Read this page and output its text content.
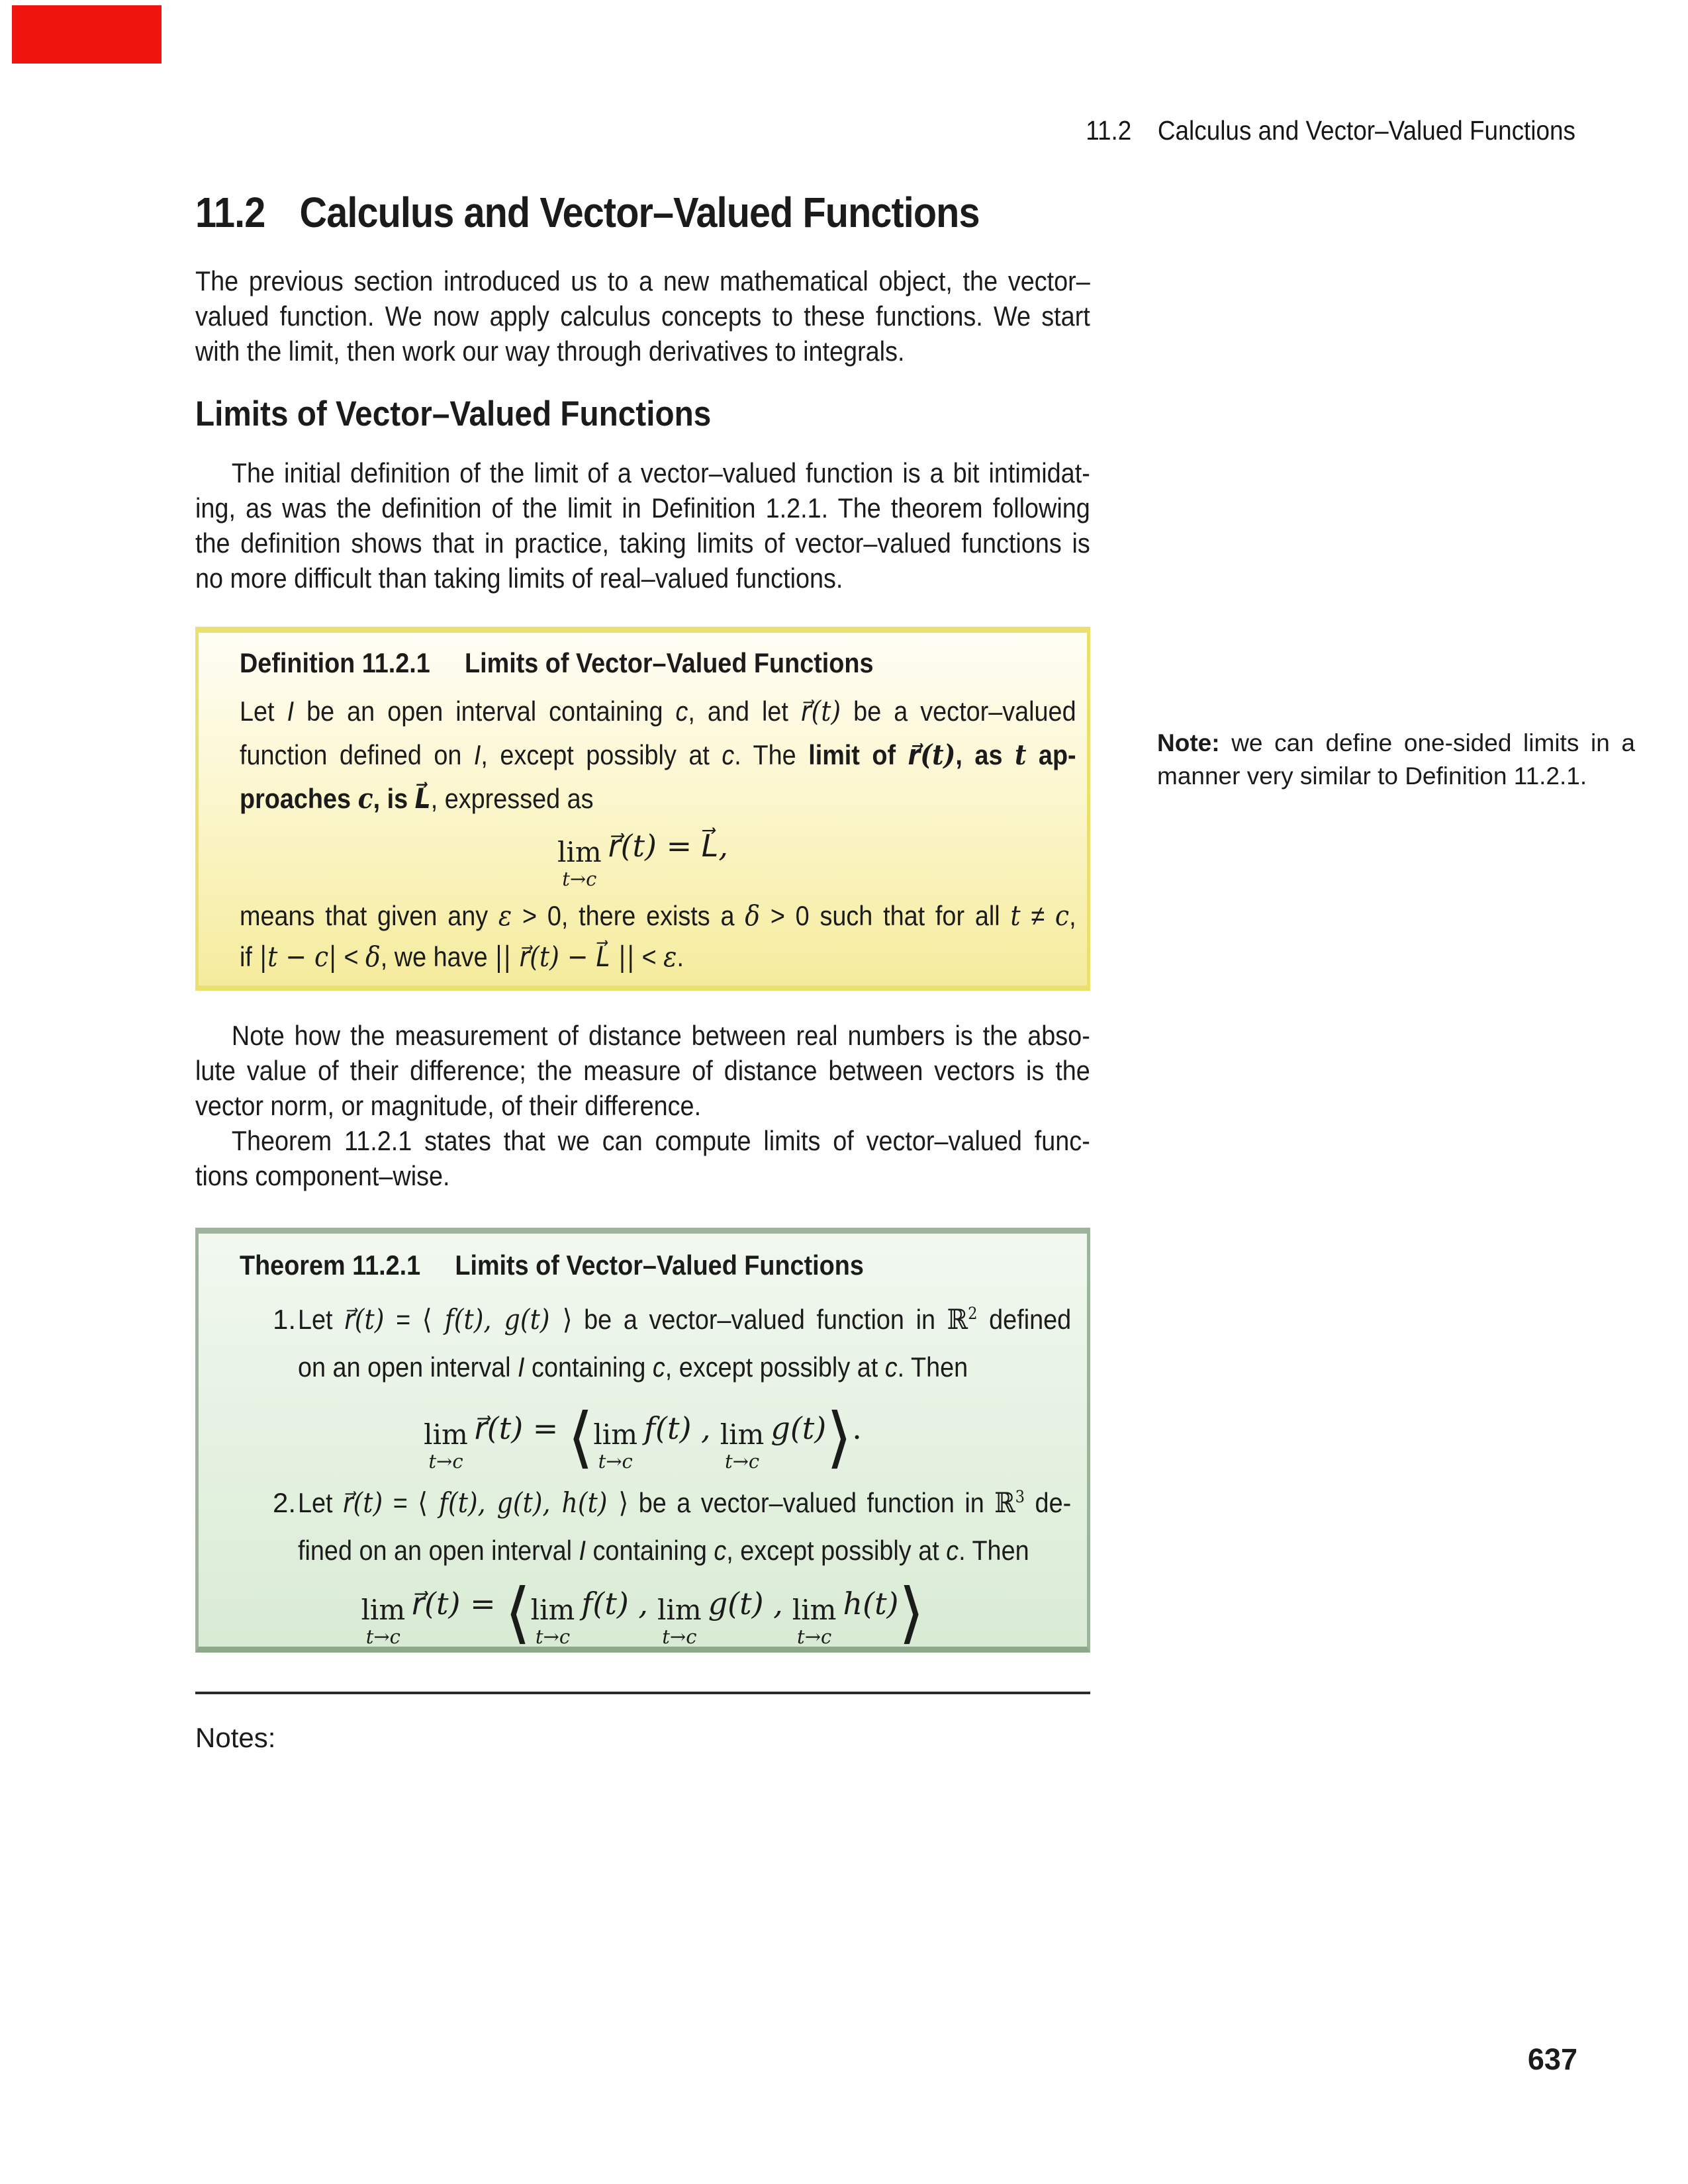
11.2 Calculus and Vector–Valued Functions
11.2 Calculus and Vector–Valued Functions
The previous section introduced us to a new mathematical object, the vector–
valued function. We now apply calculus concepts to these functions. We start
with the limit, then work our way through derivatives to integrals.
Limits of Vector–Valued Functions
The initial definition of the limit of a vector–valued function is a bit intimidat-
ing, as was the definition of the limit in Definition 1.2.1. The theorem following
the definition shows that in practice, taking limits of vector–valued functions is
no more difficult than taking limits of real–valued functions.
Definition 11.2.1 Limits of Vector–Valued Functions
Let I be an open interval containing c, and let r⃗(t) be a vector–valued
function defined on I, except possibly at c. The limit of r⃗(t), as t ap-
proaches c, is L⃗, expressed as
lim
t→c
r⃗(t) = L⃗,
means that given any ε > 0, there exists a δ > 0 such that for all t ≠ c,
if |t − c| < δ, we have || r⃗(t) − L⃗ || < ε.
Note: we can define one-sided limits in a
manner very similar to Definition 11.2.1.
Note how the measurement of distance between real numbers is the abso-
lute value of their difference; the measure of distance between vectors is the
vector norm, or magnitude, of their difference.
Theorem 11.2.1 states that we can compute limits of vector–valued func-
tions component–wise.
Theorem 11.2.1 Limits of Vector–Valued Functions
1. Let r⃗(t) = ⟨ f(t), g(t) ⟩ be a vector–valued function in ℝ$^2$ defined
on an open interval I containing c, except possibly at c. Then
lim
t→c
r⃗(t) = ⟨ lim
t→c
f(t) , lim
t→c
g(t)⟩.
2. Let r⃗(t) = ⟨ f(t), g(t), h(t) ⟩ be a vector–valued function in ℝ$^3$ de-
fined on an open interval I containing c, except possibly at c. Then
lim
t→c
r⃗(t) = ⟨ lim
t→c
f(t) , lim
t→c
g(t) , lim
t→c
h(t)⟩
Notes:
637
